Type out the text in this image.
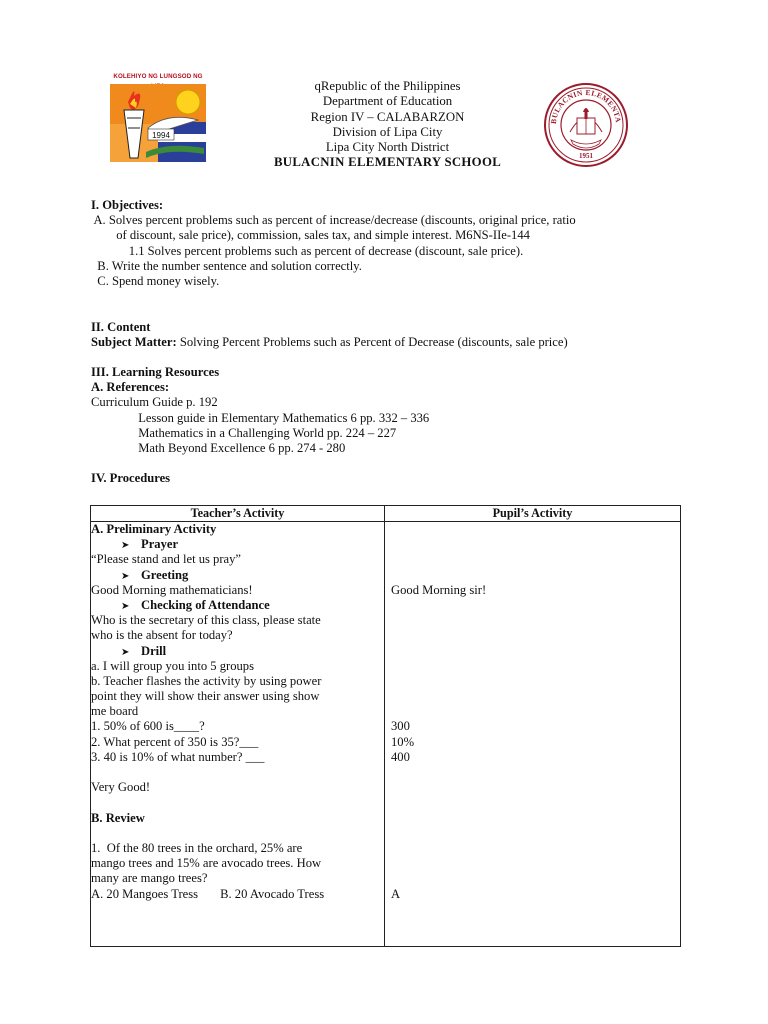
KOLEHIYO NG LUNGSOD NG
1994
qRepublic of the Philippines
Department of Education
Region IV – CALABARZON
Division of Lipa City
Lipa City North District
BULACNIN ELEMENTARY SCHOOL
BULACNIN ELEMENTA
1951
I. Objectives:
A. Solves percent problems such as percent of increase/decrease (discounts, original price, ratio
of discount, sale price), commission, sales tax, and simple interest. M6NS-IIe-144
1.1 Solves percent problems such as percent of decrease (discount, sale price).
B. Write the number sentence and solution correctly.
C. Spend money wisely.
II. Content
Subject Matter: Solving Percent Problems such as Percent of Decrease (discounts, sale price)
III. Learning Resources
A. References:
Curriculum Guide p. 192
Lesson guide in Elementary Mathematics 6 pp. 332 – 336
Mathematics in a Challenging World pp. 224 – 227
Math Beyond Excellence 6 pp. 274 - 280
IV. Procedures
Teacher’s Activity	Pupil’s Activity
A. Preliminary Activity
➤ Prayer
“Please stand and let us pray”
➤ Greeting
Good Morning mathematicians!
➤ Checking of Attendance
Who is the secretary of this class, please state
who is the absent for today?
➤ Drill
a. I will group you into 5 groups
b. Teacher flashes the activity by using power
point they will show their answer using show
me board
1. 50% of 600 is____?
2. What percent of 350 is 35?___
3. 40 is 10% of what number? ___
Very Good!
B. Review
1.  Of the 80 trees in the orchard, 25% are
mango trees and 15% are avocado trees. How
many are mango trees?
A. 20 Mangoes Tress       B. 20 Avocado Tress
Good Morning sir!
300
10%
400
A
